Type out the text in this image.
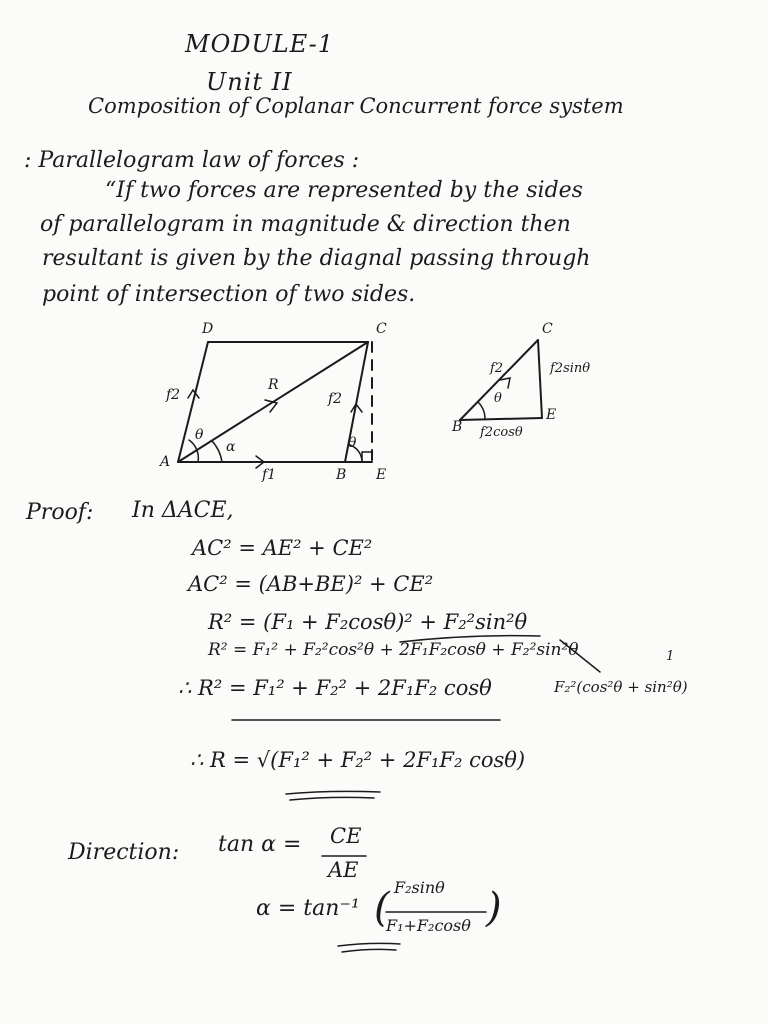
MODULE-1
Unit II
Composition of Coplanar Concurrent force system
: Parallelogram law of forces :
“If two forces are represented by the sides
of parallelogram in magnitude & direction then
resultant is given by the diagnal passing through
point of intersection of two sides.
D	C
A
B E
f1
f2	f2
R
θ
α	θ
C
B
E
f2
θ
f2sinθ
f2cosθ
Proof: In ΔACE,
AC² = AE² + CE²
AC² = (AB+BE)² + CE²
R² = (F₁ + F₂cosθ)² + F₂²sin²θ
R² = F₁² + F₂²cos²θ + 2F₁F₂cosθ + F₂²sin²θ
F₂²(cos²θ + sin²θ)
1
∴ R² = F₁² + F₂² + 2F₁F₂ cosθ
∴ R = √(F₁² + F₂² + 2F₁F₂ cosθ)
Direction: tan α = CE
AE
α = tan⁻¹
F₂sinθ
F₁+F₂cosθ
( )
